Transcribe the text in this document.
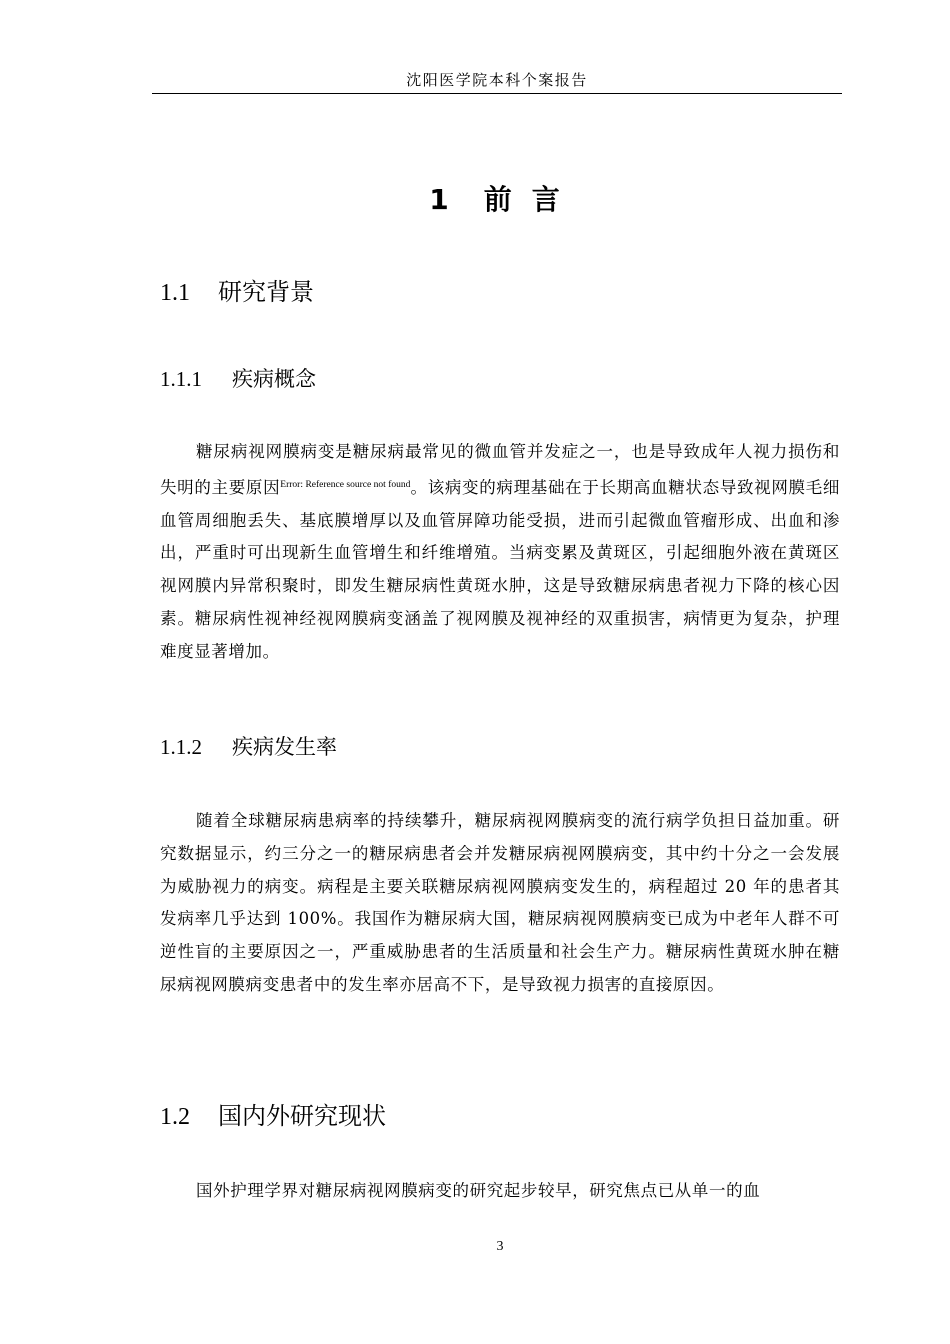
沈阳医学院本科个案报告
1 前 言
1.1 研究背景
1.1.1 疾病概念

糖尿病视网膜病变是糖尿病最常见的微血管并发症之一，也是导致成年人视力损伤和失明的主要原因$^{Error: Reference source not found}$。该病变的病理基础在于长期高血糖状态导致视网膜毛细血管周细胞丢失、基底膜增厚以及血管屏障功能受损，进而引起微血管瘤形成、出血和渗出，严重时可出现新生血管增生和纤维增殖。当病变累及黄斑区，引起细胞外液在黄斑区视网膜内异常积聚时，即发生糖尿病性黄斑水肿，这是导致糖尿病患者视力下降的核心因素。糖尿病性视神经视网膜病变涵盖了视网膜及视神经的双重损害，病情更为复杂，护理难度显著增加。

1.1.2 疾病发生率

随着全球糖尿病患病率的持续攀升，糖尿病视网膜病变的流行病学负担日益加重。研究数据显示，约三分之一的糖尿病患者会并发糖尿病视网膜病变，其中约十分之一会发展为威胁视力的病变。病程是主要关联糖尿病视网膜病变发生的，病程超过 20 年的患者其发病率几乎达到 100%。我国作为糖尿病大国，糖尿病视网膜病变已成为中老年人群不可逆性盲的主要原因之一，严重威胁患者的生活质量和社会生产力。糖尿病性黄斑水肿在糖尿病视网膜病变患者中的发生率亦居高不下，是导致视力损害的直接原因。

1.2 国内外研究现状

国外护理学界对糖尿病视网膜病变的研究起步较早，研究焦点已从单一的血

3
